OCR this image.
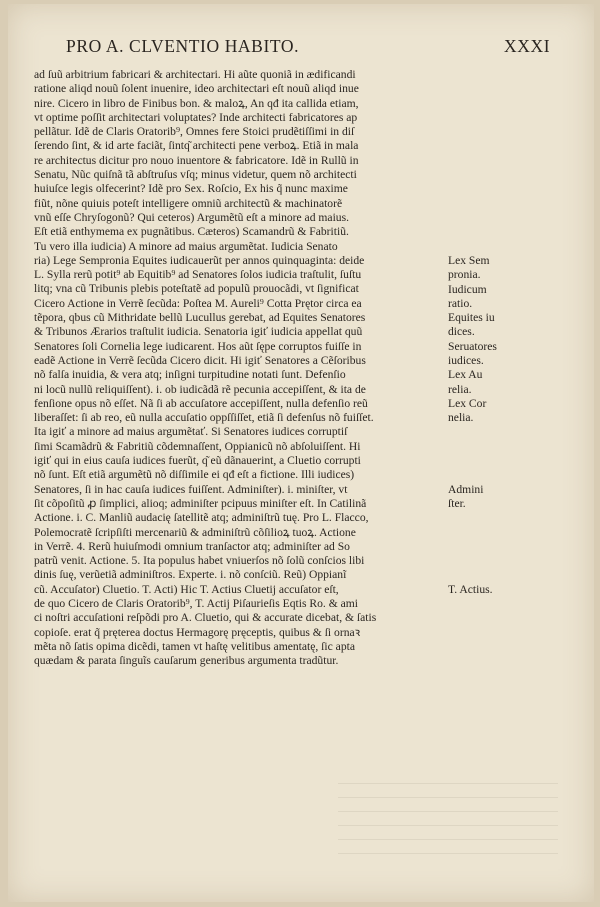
PRO A. CLVENTIO HABITO.	XXXI
ad ſuũ arbitrium fabricari & architectari. Hi aũte quoniã in ædificandi
ratione aliqd nouũ ſolent inuenire, ideo architectari eſt nouũ aliqd inue
nire. Cicero in libro de Finibus bon. & maloꝝ, An qđ ita callida etiam,
vt optime poſſit architectari voluptates? Inde architecti fabricatores ap
pellãtur. Idẽ de Claris Oratorib⁹, Omnes fere Stoici prudẽtiſſimi in diſ
ſerendo ſint, & id arte faciãt, ſintq͂ architecti pene verboꝝ. Etiã in mala
re architectus dicitur pro nouo inuentore & fabricatore. Idẽ in Rullũ in
Senatu, Nũc quiſnã tã abſtruſus vſq; minus videtur, quem nõ architecti
huiuſce legis olfecerint? Idẽ pro Sex. Roſcio, Ex his q̃ nunc maxime
fiũt, nõne quiuis poteſt intelligere omniũ architectũ & machinatorẽ
vnũ eſſe Chryſogonũ? Qui ceteros) Argumẽtũ eſt a minore ad maius.
Eſt etiã enthymema ex pugnãtibus. Cæteros) Scamandrũ & Fabritiũ.
Tu vero illa iudicia) A minore ad maius argumẽtat. Iudicia Senato
ria) Lege Sempronia Equites iudicauerũt per annos quinquaginta: deide
L. Sylla rerũ potit⁹ ab Equitib⁹ ad Senatores ſolos iudicia traſtulit, ſuſtu
litq; vna cũ Tribunis plebis poteſtatẽ ad populũ prouocãdi, vt ſignificat
Cicero Actione in Verrẽ ſecũda: Poſtea M. Aureli⁹ Cotta Prętor circa ea
tẽpora, qbus cũ Mithridate bellũ Lucullus gerebat, ad Equites Senatores
& Tribunos Ærarios traſtulit iudicia. Senatoria igiť iudicia appellat quũ
Senatores ſoli Cornelia lege iudicarent. Hos aũt ſępe corruptos fuiſſe in
eadẽ Actione in Verrẽ ſecũda Cicero dicit. Hi igiť Senatores a Cẽſoribus
nõ falſa inuidia, & vera atq; inſigni turpitudine notati ſunt. Defenſio
ni locũ nullũ reliquiſſent). i. ob iudicãdã rẽ pecunia accepiſſent, & ita de
fenſione opus nõ eſſet. Nã ſi ab accuſatore accepiſſent, nulla defenſio reũ
liberaſſet: ſi ab reo, eũ nulla accuſatio oppſſiſſet, etiã ſi defenſus nõ fuiſſet.
Ita igiť a minore ad maius argumẽtať. Si Senatores iudices corruptiſ
ſimi Scamãdrũ & Fabritiũ cõdemnaſſent, Oppianicũ nõ abſoluiſſent. Hi
igiť qui in eius cauſa iudices fuerũt, q͂ eũ dãnauerint, a Cluetio corrupti
nõ ſunt. Eſt etiã argumẽtũ nõ diſſimile ei qđ eſt a fictione. Illi iudices)
Senatores, ſi in hac cauſa iudices fuiſſent. Adminiſter). i. miniſter, vt
ſit cõpoſitũ ꝓ ſimplici, alioq; adminiſter pcipuus miniſter eſt. In Catilinã
Actione. i. C. Manliũ audacię ſatellitẽ atq; adminiſtrũ tuę. Pro L. Flacco,
Polemocratẽ ſcripſiſti mercenariũ & adminiſtrũ cõſilioꝝ tuoꝝ. Actione
in Verrẽ. 4. Rerũ huiuſmodi omnium tranſactor atq; adminiſter ad So
patrũ venit. Actione. 5. Ita populus habet vniuerſos nõ ſolũ conſcios libi
dinis ſuę, verũetiã adminiſtros. Experte. i. nõ conſciũ. Reũ) Oppianĩ
cũ. Accuſator) Cluetio. T. Acti) Hic T. Actius Cluetij accuſator eſt,
de quo Cicero de Claris Oratorib⁹, T. Actij Piſaurieſis Eqtis Ro. & ami
ci noſtri accuſationi reſpõdi pro A. Cluetio, qui & accurate dicebat, & ſatis
copioſe. erat q̃ pręterea doctus Hermagorę pręceptis, quibus & ſi ornaꝛ
mẽta nõ ſatis opima dicẽdi, tamen vt haſtę velitibus amentatę, ſic apta
quædam & parata ſinguĩs cauſarum generibus argumenta tradũtur.
Lex Sem
pronia.
Iudicum
ratio.
Equites iu
dices.
Seruatores
iudices.
Lex Au
relia.
Lex Cor
nelia.
Admini
ſter.
T. Actius.
